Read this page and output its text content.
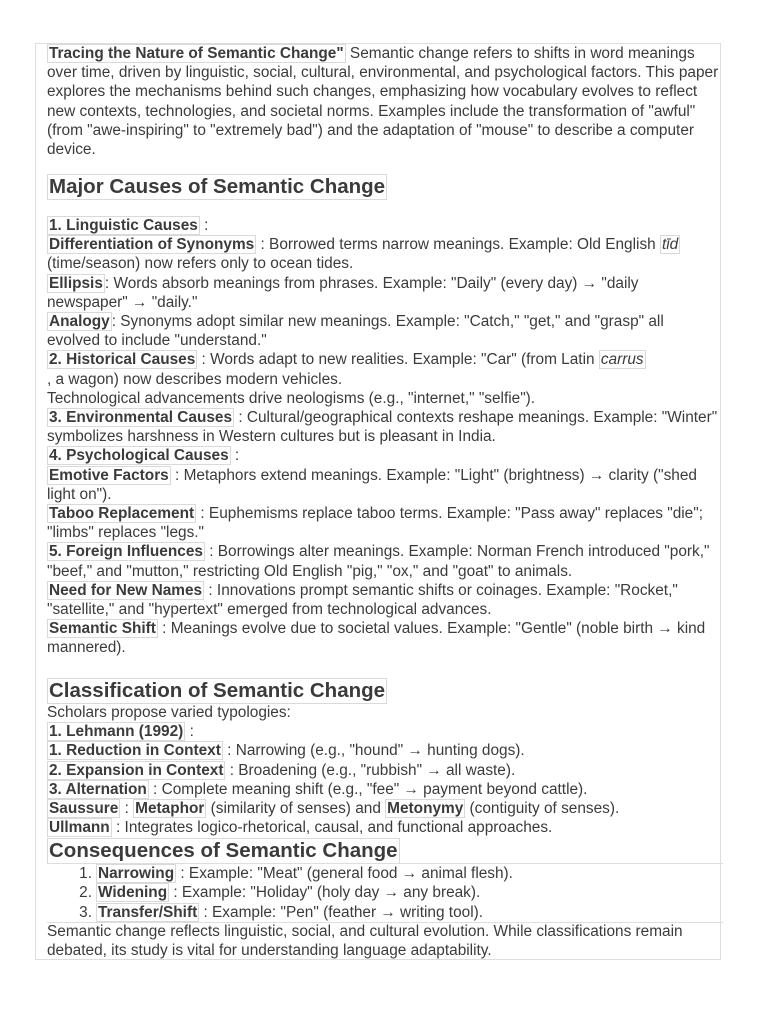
Tracing the Nature of Semantic Change" Semantic change refers to shifts in word meanings over time, driven by linguistic, social, cultural, environmental, and psychological factors. This paper explores the mechanisms behind such changes, emphasizing how vocabulary evolves to reflect new contexts, technologies, and societal norms. Examples include the transformation of "awful" (from "awe-inspiring" to "extremely bad") and the adaptation of "mouse" to describe a computer device.
Major Causes of Semantic Change
1. Linguistic Causes :
Differentiation of Synonyms : Borrowed terms narrow meanings. Example: Old English tīd (time/season) now refers only to ocean tides.
Ellipsis : Words absorb meanings from phrases. Example: "Daily" (every day) → "daily newspaper" → "daily."
Analogy : Synonyms adopt similar new meanings. Example: "Catch," "get," and "grasp" all evolved to include "understand."
2. Historical Causes : Words adapt to new realities. Example: "Car" (from Latin carrus
, a wagon) now describes modern vehicles.
Technological advancements drive neologisms (e.g., "internet," "selfie").
3. Environmental Causes : Cultural/geographical contexts reshape meanings. Example: "Winter" symbolizes harshness in Western cultures but is pleasant in India.
4. Psychological Causes :
Emotive Factors : Metaphors extend meanings. Example: "Light" (brightness) → clarity ("shed light on").
Taboo Replacement : Euphemisms replace taboo terms. Example: "Pass away" replaces "die"; "limbs" replaces "legs."
5. Foreign Influences : Borrowings alter meanings. Example: Norman French introduced "pork," "beef," and "mutton," restricting Old English "pig," "ox," and "goat" to animals.
Need for New Names : Innovations prompt semantic shifts or coinages. Example: "Rocket," "satellite," and "hypertext" emerged from technological advances.
Semantic Shift : Meanings evolve due to societal values. Example: "Gentle" (noble birth → kind mannered).
Classification of Semantic Change
Scholars propose varied typologies:
1. Lehmann (1992) :
1. Reduction in Context : Narrowing (e.g., "hound" → hunting dogs).
2. Expansion in Context : Broadening (e.g., "rubbish" → all waste).
3. Alternation : Complete meaning shift (e.g., "fee" → payment beyond cattle).
Saussure : Metaphor (similarity of senses) and Metonymy (contiguity of senses).
Ullmann : Integrates logico-rhetorical, causal, and functional approaches.
Consequences of Semantic Change
1. Narrowing : Example: "Meat" (general food → animal flesh).
2. Widening : Example: "Holiday" (holy day → any break).
3. Transfer/Shift : Example: "Pen" (feather → writing tool).
Semantic change reflects linguistic, social, and cultural evolution. While classifications remain debated, its study is vital for understanding language adaptability.
